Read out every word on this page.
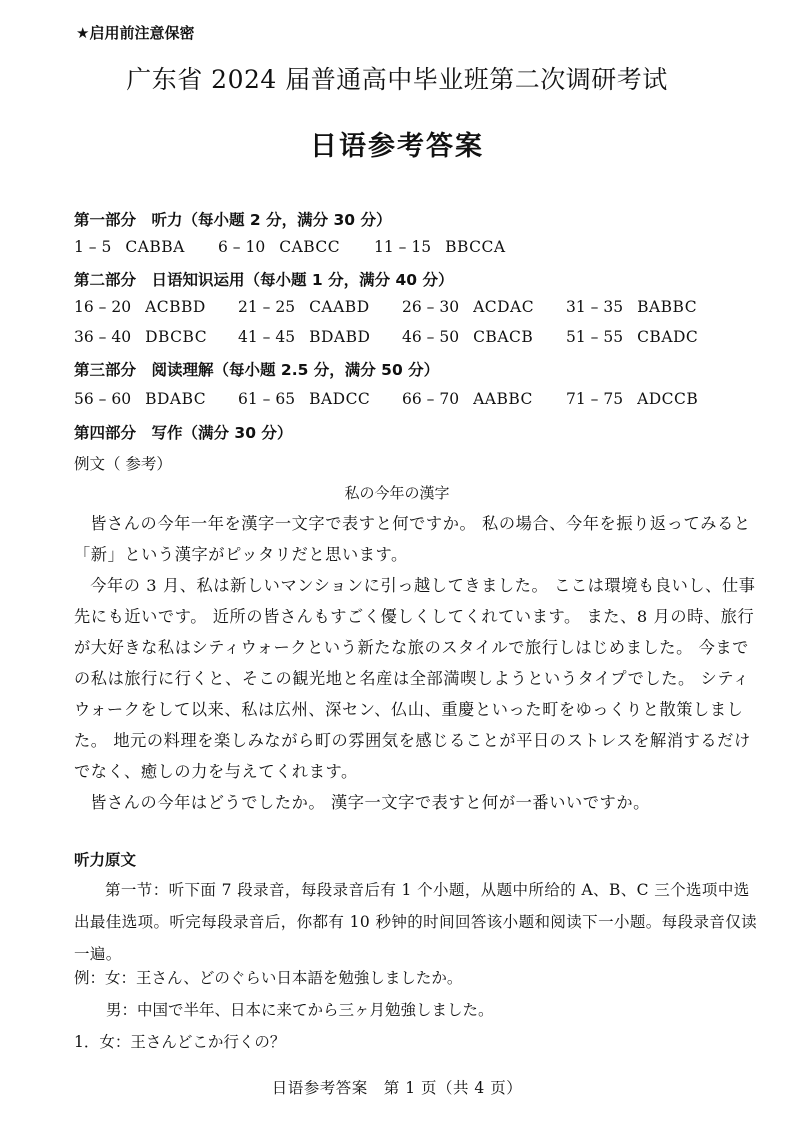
★启用前注意保密
广东省 2024 届普通高中毕业班第二次调研考试
日语参考答案
第一部分　听力（每小题 2 分，满分 30 分）
1 – 5 CABBA 6 – 10 CABCC 11 – 15 BBCCA
第二部分　日语知识运用（每小题 1 分，满分 40 分）
16 – 20 ACBBD 21 – 25 CAABD 26 – 30 ACDAC 31 – 35 BABBC
36 – 40 DBCBC 41 – 45 BDABD 46 – 50 CBACB 51 – 55 CBADC
第三部分　阅读理解（每小题 2.5 分，满分 50 分）
56 – 60 BDABC 61 – 65 BADCC 66 – 70 AABBC 71 – 75 ADCCB
第四部分　写作（满分 30 分）
例文（ 参考）
私の今年の漢字

皆さんの今年一年を漢字一文字で表すと何ですか。 私の場合、今年を振り返ってみると「新」という漢字がピッタリだと思います。

今年の 3 月、私は新しいマンションに引っ越してきました。 ここは環境も良いし、仕事先にも近いです。 近所の皆さんもすごく優しくしてくれています。 また、8 月の時、旅行が大好きな私はシティウォークという新たな旅のスタイルで旅行しはじめました。 今までの私は旅行に行くと、そこの観光地と名産は全部満喫しようというタイプでした。 シティウォークをして以来、私は広州、深セン、仏山、重慶といった町をゆっくりと散策しました。 地元の料理を楽しみながら町の雰囲気を感じることが平日のストレスを解消するだけでなく、癒しの力を与えてくれます。

皆さんの今年はどうでしたか。 漢字一文字で表すと何が一番いいですか。

听力原文

第一节：听下面 7 段录音，每段录音后有 1 个小题，从题中所给的 A、B、C 三个选项中选出最佳选项。听完每段录音后，你都有 10 秒钟的时间回答该小题和阅读下一小题。每段录音仅读一遍。

例：女：王さん、どのぐらい日本語を勉強しましたか。
男：中国で半年、日本に来てから三ヶ月勉強しました。
1．女：王さんどこか行くの？
日语参考答案　第 1 页（共 4 页）
